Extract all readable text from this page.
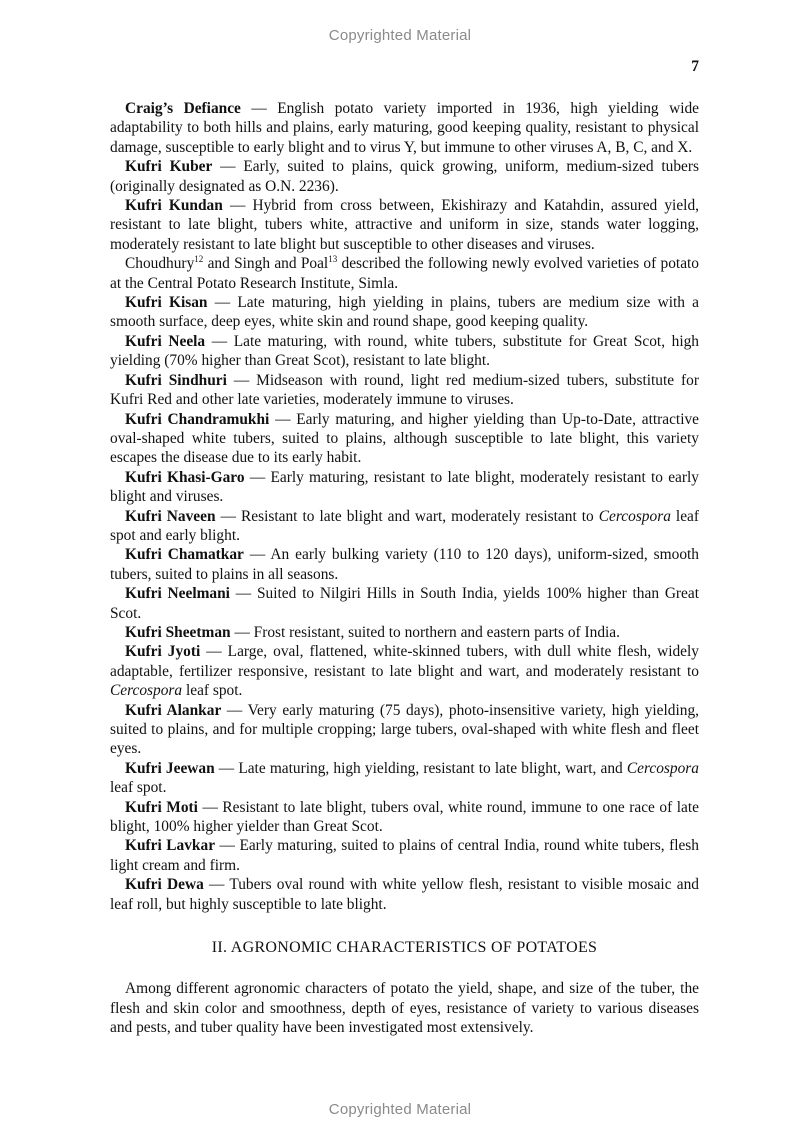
Copyrighted Material
7

Craig’s Defiance — English potato variety imported in 1936, high yielding wide adaptability to both hills and plains, early maturing, good keeping quality, resistant to physical damage, susceptible to early blight and to virus Y, but immune to other viruses A, B, C, and X.

Kufri Kuber — Early, suited to plains, quick growing, uniform, medium-sized tubers (originally designated as O.N. 2236).

Kufri Kundan — Hybrid from cross between, Ekishirazy and Katahdin, assured yield, resistant to late blight, tubers white, attractive and uniform in size, stands water logging, moderately resistant to late blight but susceptible to other diseases and viruses.

Choudhury$^{12}$ and Singh and Poal$^{13}$ described the following newly evolved varieties of potato at the Central Potato Research Institute, Simla.

Kufri Kisan — Late maturing, high yielding in plains, tubers are medium size with a smooth surface, deep eyes, white skin and round shape, good keeping quality.

Kufri Neela — Late maturing, with round, white tubers, substitute for Great Scot, high yielding (70% higher than Great Scot), resistant to late blight.

Kufri Sindhuri — Midseason with round, light red medium-sized tubers, substitute for Kufri Red and other late varieties, moderately immune to viruses.

Kufri Chandramukhi — Early maturing, and higher yielding than Up-to-Date, attractive oval-shaped white tubers, suited to plains, although susceptible to late blight, this variety escapes the disease due to its early habit.

Kufri Khasi-Garo — Early maturing, resistant to late blight, moderately resistant to early blight and viruses.

Kufri Naveen — Resistant to late blight and wart, moderately resistant to Cercospora leaf spot and early blight.

Kufri Chamatkar — An early bulking variety (110 to 120 days), uniform-sized, smooth tubers, suited to plains in all seasons.

Kufri Neelmani — Suited to Nilgiri Hills in South India, yields 100% higher than Great Scot.

Kufri Sheetman — Frost resistant, suited to northern and eastern parts of India.

Kufri Jyoti — Large, oval, flattened, white-skinned tubers, with dull white flesh, widely adaptable, fertilizer responsive, resistant to late blight and wart, and moderately resistant to Cercospora leaf spot.

Kufri Alankar — Very early maturing (75 days), photo-insensitive variety, high yielding, suited to plains, and for multiple cropping; large tubers, oval-shaped with white flesh and fleet eyes.

Kufri Jeewan — Late maturing, high yielding, resistant to late blight, wart, and Cercospora leaf spot.

Kufri Moti — Resistant to late blight, tubers oval, white round, immune to one race of late blight, 100% higher yielder than Great Scot.

Kufri Lavkar — Early maturing, suited to plains of central India, round white tubers, flesh light cream and firm.

Kufri Dewa — Tubers oval round with white yellow flesh, resistant to visible mosaic and leaf roll, but highly susceptible to late blight.

II. AGRONOMIC CHARACTERISTICS OF POTATOES

Among different agronomic characters of potato the yield, shape, and size of the tuber, the flesh and skin color and smoothness, depth of eyes, resistance of variety to various diseases and pests, and tuber quality have been investigated most extensively.

Copyrighted Material
